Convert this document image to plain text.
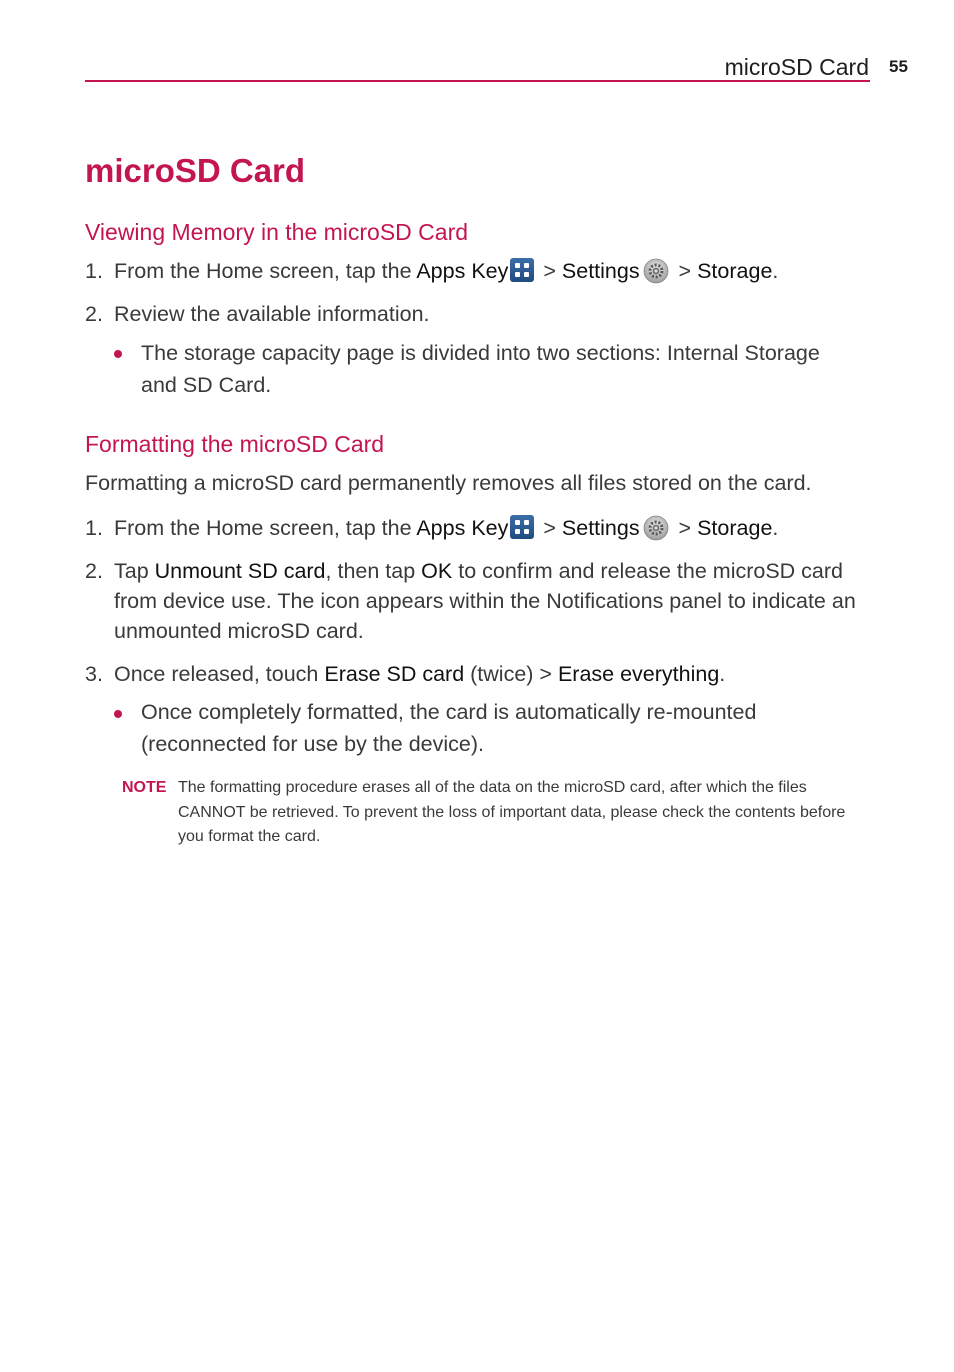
microSD Card 55
microSD Card
Viewing Memory in the microSD Card
1. From the Home screen, tap the Apps Key
> Settings > Storage.
2. Review the available information.
The storage capacity page is divided into two sections: Internal Storage and SD Card.
Formatting the microSD Card
Formatting a microSD card permanently removes all files stored on the card.
1. From the Home screen, tap the Apps Key
> Settings > Storage.
2. Tap Unmount SD card, then tap OK to confirm and release the microSD card from device use. The icon appears within the Notifications panel to indicate an unmounted microSD card.
3. Once released, touch Erase SD card (twice) > Erase everything.
Once completely formatted, the card is automatically re-mounted (reconnected for use by the device).
NOTE The formatting procedure erases all of the data on the microSD card, after which the files CANNOT be retrieved. To prevent the loss of important data, please check the contents before you format the card.
